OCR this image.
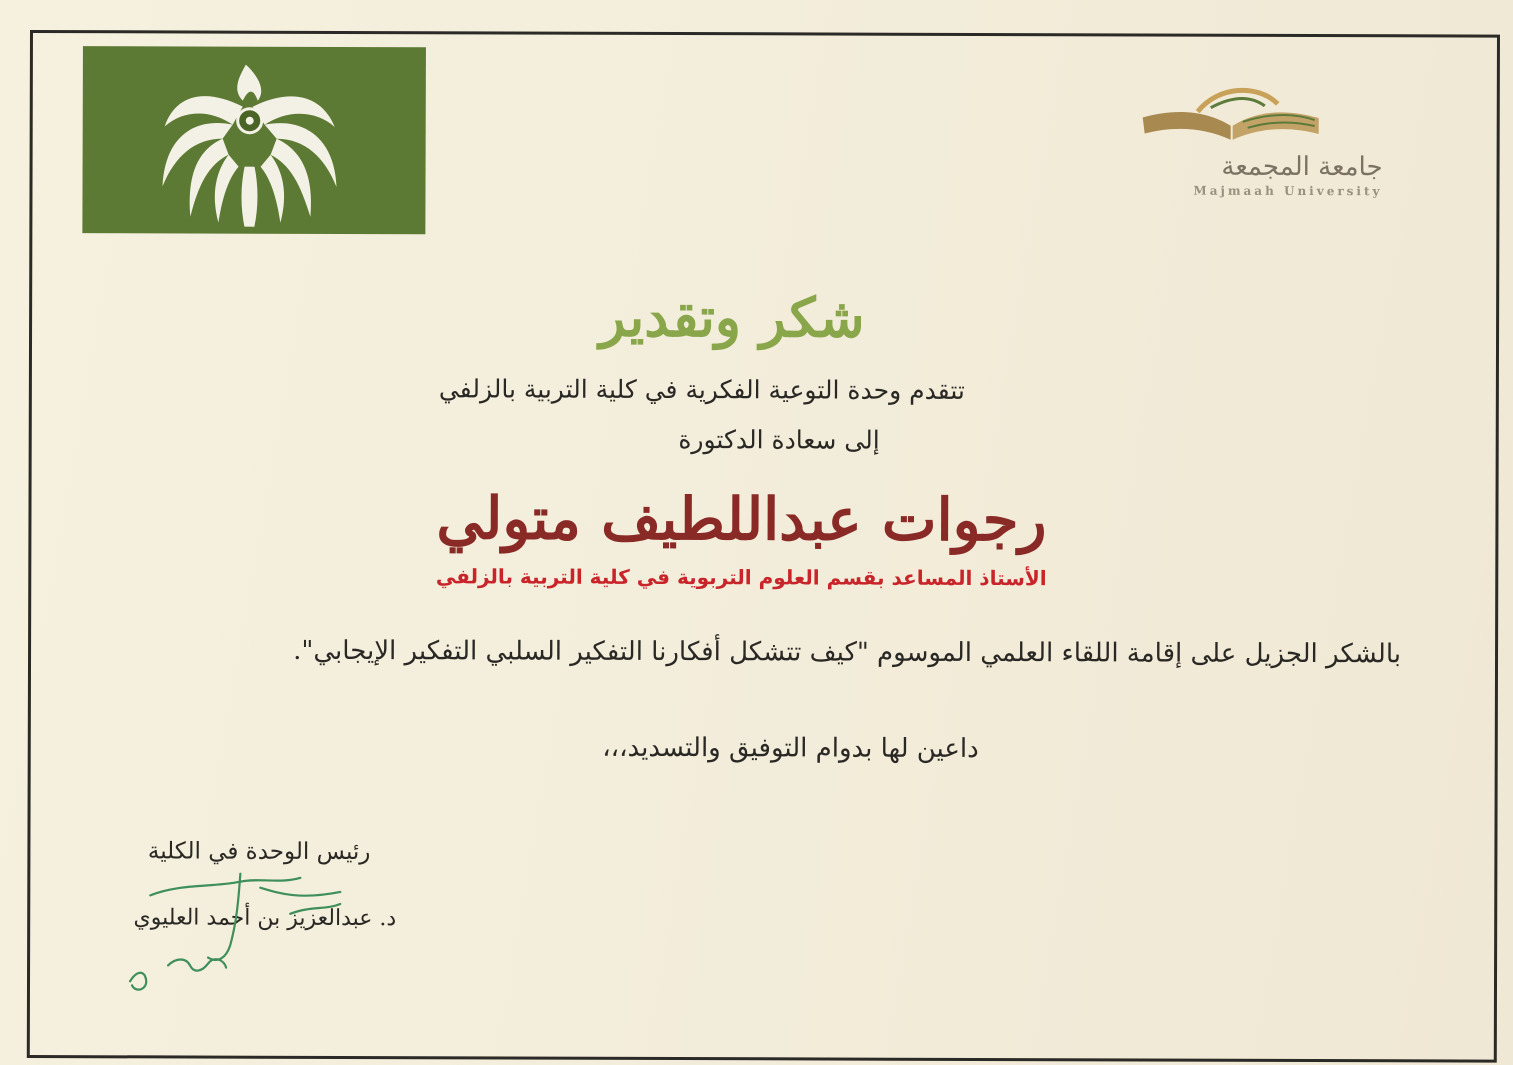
جامعة المجمعة
Majmaah University
شكر وتقدير
تتقدم وحدة التوعية الفكرية في كلية التربية بالزلفي
إلى سعادة الدكتورة
رجوات عبداللطيف متولي
الأستاذ المساعد بقسم العلوم التربوية في كلية التربية بالزلفي
بالشكر الجزيل على إقامة اللقاء العلمي الموسوم "كيف تتشكل أفكارنا التفكير السلبي التفكير الإيجابي".
داعين لها بدوام التوفيق والتسديد،،،
رئيس الوحدة في الكلية
د. عبدالعزيز بن أحمد العليوي
